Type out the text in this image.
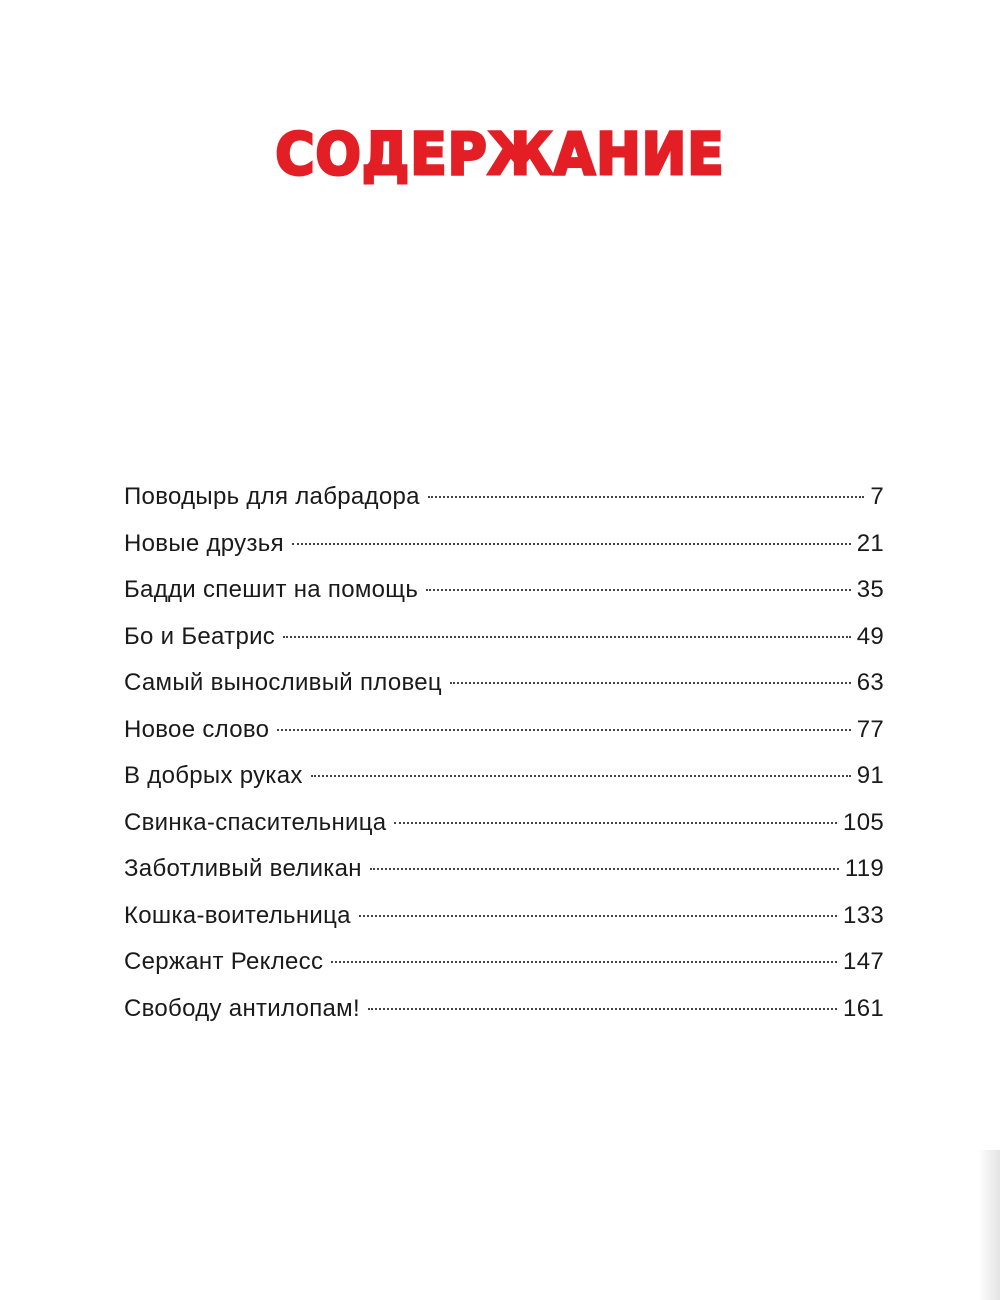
СОДЕРЖАНИЕ
Поводырь для лабрадора	7
Новые друзья	21
Бадди спешит на помощь	35
Бо и Беатрис	49
Самый выносливый пловец	63
Новое слово	77
В добрых руках	91
Свинка-спасительница	105
Заботливый великан	119
Кошка-воительница	133
Сержант Реклесс	147
Свободу антилопам!	161
